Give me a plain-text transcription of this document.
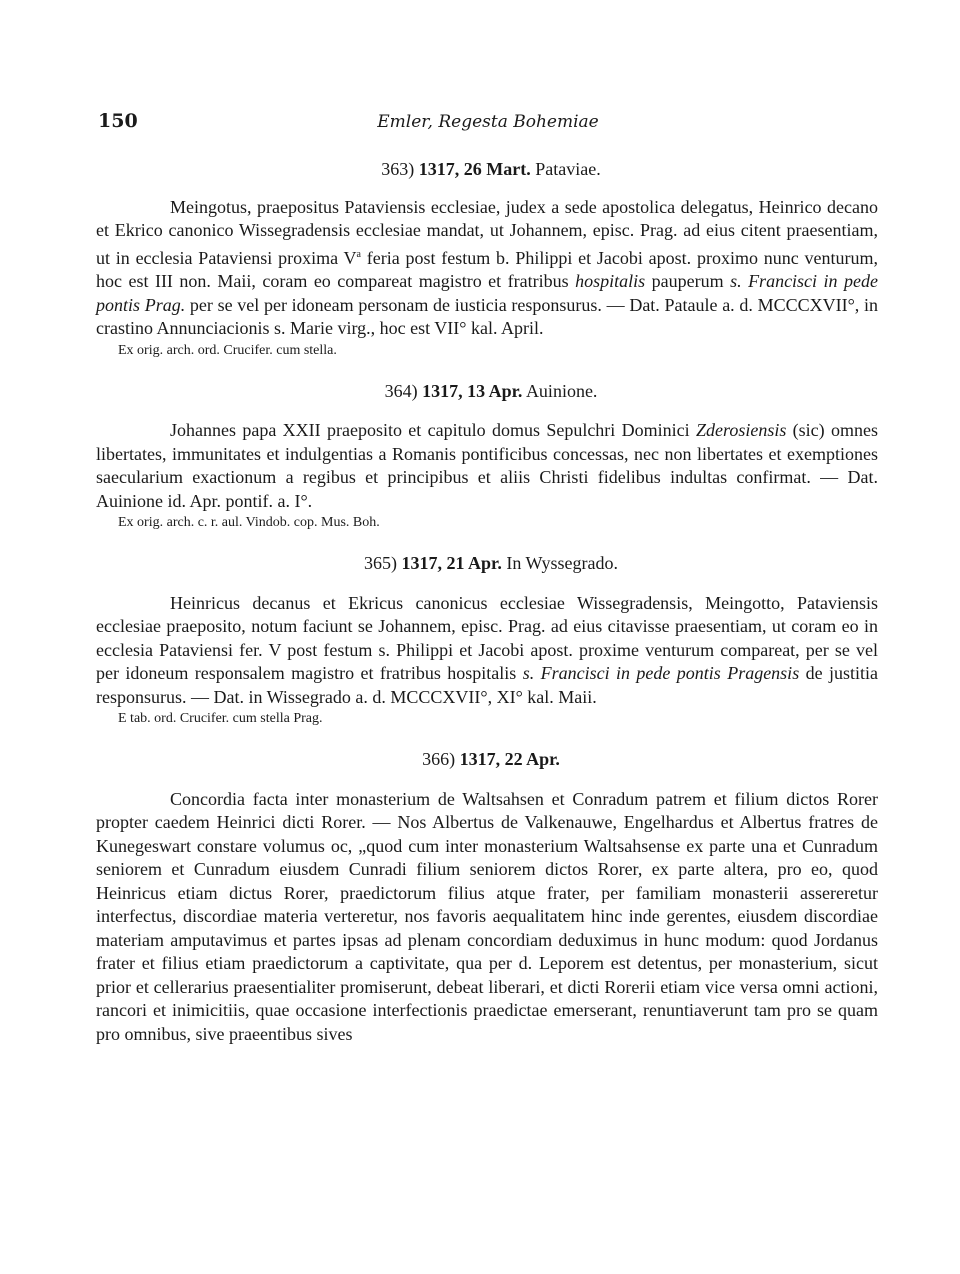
150	Emler, Regesta Bohemiae

363) 1317, 26 Mart. Pataviae.

Meingotus, praepositus Pataviensis ecclesiae, judex a sede apostolica delegatus, Heinrico decano et Ekrico canonico Wissegradensis ecclesiae mandat, ut Johannem, episc. Prag. ad eius citent praesentiam, ut in ecclesia Pataviensi proxima $V^a$ feria post festum b. Philippi et Jacobi apost. proximo nunc venturum, hoc est III non. Maii, coram eo compareat magistro et fratribus hospitalis pauperum s. Francisci in pede pontis Prag. per se vel per idoneam personam de iusticia responsurus. — Dat. Pataule a. d. MCCCXVII°, in crastino Annunciacionis s. Marie virg., hoc est VII° kal. April.

Ex orig. arch. ord. Crucifer. cum stella.

364) 1317, 13 Apr. Auinione.

Johannes papa XXII praeposito et capitulo domus Sepulchri Dominici Zderosiensis (sic) omnes libertates, immunitates et indulgentias a Romanis pontificibus concessas, nec non libertates et exemptiones saecularium exactionum a regibus et principibus et aliis Christi fidelibus indultas confirmat. — Dat. Auinione id. Apr. pontif. a. I°.

Ex orig. arch. c. r. aul. Vindob. cop. Mus. Boh.

365) 1317, 21 Apr. In Wyssegrado.

Heinricus decanus et Ekricus canonicus ecclesiae Wissegradensis, Meingotto, Pataviensis ecclesiae praeposito, notum faciunt se Johannem, episc. Prag. ad eius citavisse praesentiam, ut coram eo in ecclesia Pataviensi fer. V post festum s. Philippi et Jacobi apost. proxime venturum compareat, per se vel per idoneum responsalem magistro et fratribus hospitalis s. Francisci in pede pontis Pragensis de justitia responsurus. — Dat. in Wissegrado a. d. MCCCXVII°, XI° kal. Maii.

E tab. ord. Crucifer. cum stella Prag.

366) 1317, 22 Apr.

Concordia facta inter monasterium de Waltsahsen et Conradum patrem et filium dictos Rorer propter caedem Heinrici dicti Rorer. — Nos Albertus de Valkenauwe, Engelhardus et Albertus fratres de Kunegeswart constare volumus oc, „quod cum inter monasterium Waltsahsense ex parte una et Cunradum seniorem et Cunradum eiusdem Cunradi filium seniorem dictos Rorer, ex parte altera, pro eo, quod Heinricus etiam dictus Rorer, praedictorum filius atque frater, per familiam monasterii assereretur interfectus, discordiae materia verteretur, nos favoris aequalitatem hinc inde gerentes, eiusdem discordiae materiam amputavimus et partes ipsas ad plenam concordiam deduximus in hunc modum: quod Jordanus frater et filius etiam praedictorum a captivitate, qua per d. Leporem est detentus, per monasterium, sicut prior et cellerarius praesentialiter promiserunt, debeat liberari, et dicti Rorerii etiam vice versa omni actioni, rancori et inimicitiis, quae occasione interfectionis praedictae emerserant, renuntiaverunt tam pro se quam pro omnibus, sive praeentibus sives
